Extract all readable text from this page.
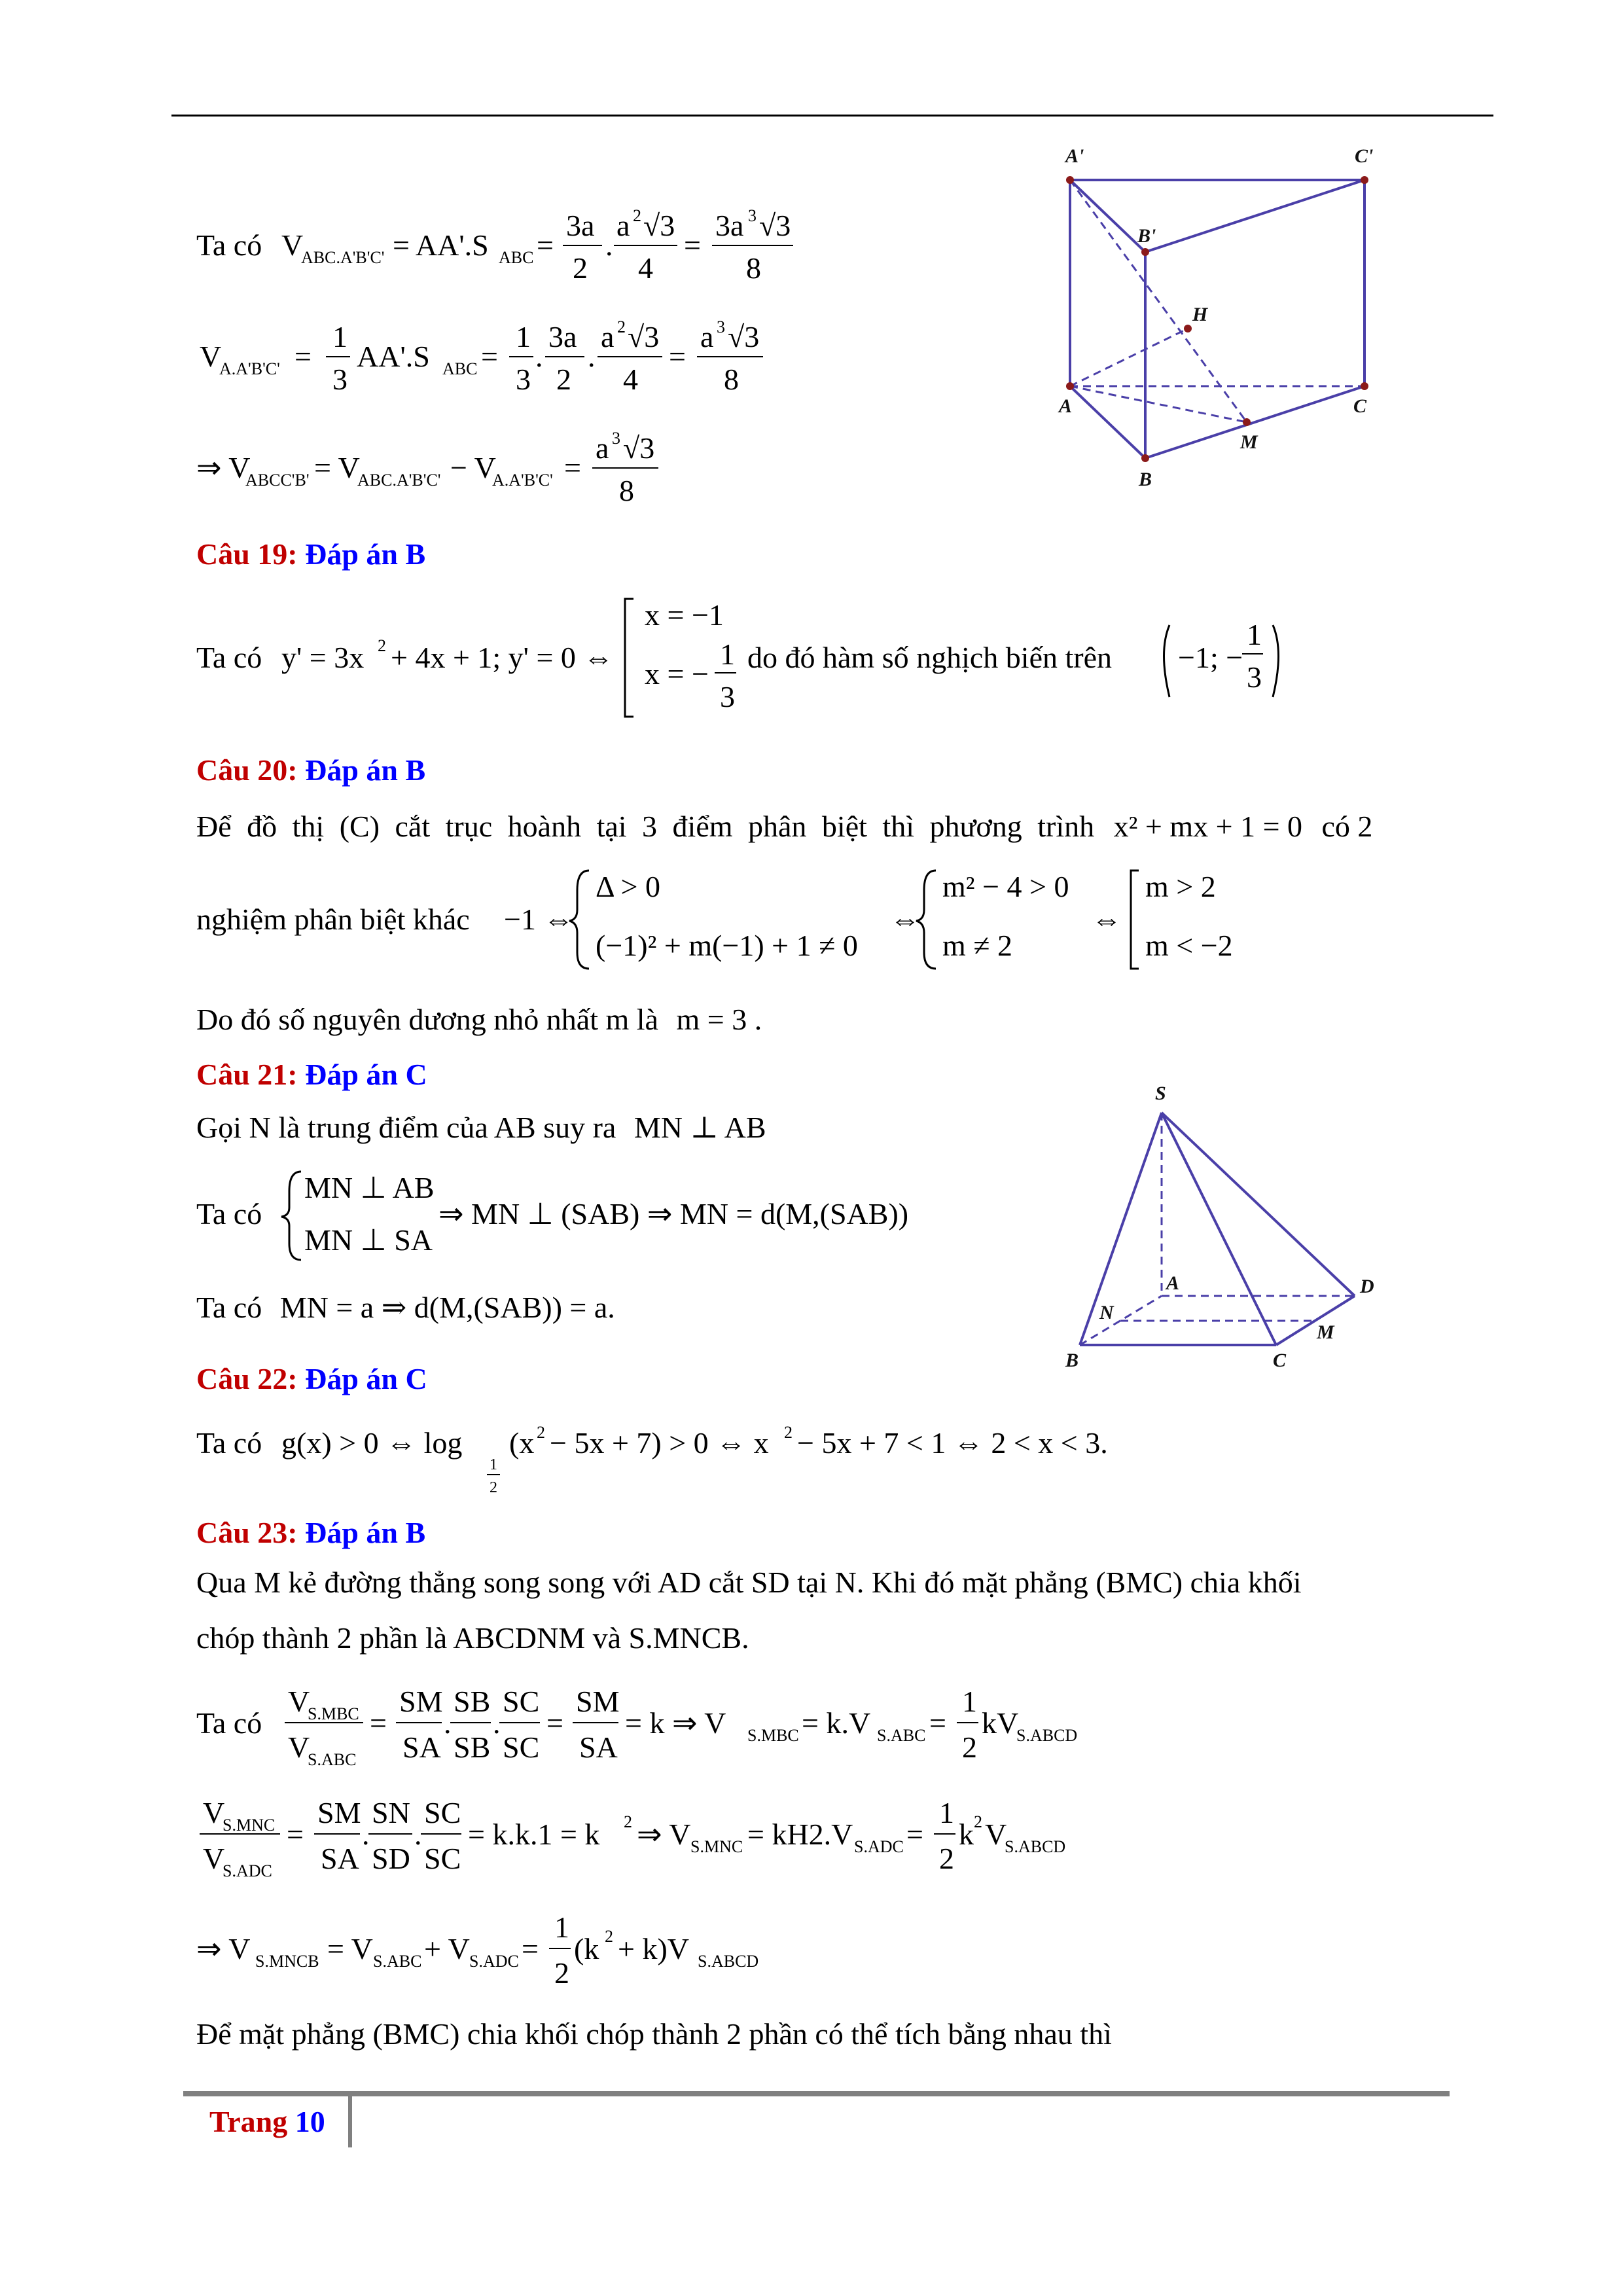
Ta có V
ABC.A'B'C' = AA'.S ABC =
3a
2
.
a 2 √3
4
=
3a 3 √3
8
V
A.A'B'C' =
1
3
AA'.S ABC =
1
3
.
3a
2
.
a 2 √3
4
=
a 3 √3
8
⇒ V
ABCC'B' = V
ABC.A'B'C' − V
A.A'B'C' =
a 3 √3
8
A'	C'
B'
H
A	C
M
B
Câu 19: Đáp án B
Ta có y' = 3x 2 + 4x + 1; y' = 0 ⇔
x = −1
x = −
1
3
do đó hàm số nghịch biến trên −1; −
1
3
Câu 20: Đáp án B
Để đồ thị (C) cắt trục hoành tại 3 điểm phân biệt thì phương trình x² + mx + 1 = 0 có 2
nghiệm phân biệt khác −1 ⇔
Δ > 0
(−1)² + m(−1) + 1 ≠ 0
⇔
m² − 4 > 0
m ≠ 2
⇔
m > 2
m < −2
Do đó số nguyên dương nhỏ nhất m là m = 3 .
Câu 21: Đáp án C
Gọi N là trung điểm của AB suy ra MN ⊥ AB
Ta có
MN ⊥ AB
MN ⊥ SA
⇒ MN ⊥ (SAB) ⇒ MN = d(M,(SAB))
Ta có MN = a ⇒ d(M,(SAB)) = a.
S
A	D
N
M
B	C
Câu 22: Đáp án C
Ta có g(x) > 0 ⇔ log
1
2
(x 2 − 5x + 7) > 0 ⇔ x 2 − 5x + 7 < 1 ⇔ 2 < x < 3.
Câu 23: Đáp án B
Qua M kẻ đường thẳng song song với AD cắt SD tại N. Khi đó mặt phẳng (BMC) chia khối
chóp thành 2 phần là ABCDNM và S.MNCB.
Ta có
V
S.MBC
V
S.ABC
=
SM
SA
.
SB
SB
.
SC
SC
=
SM
SA
= k ⇒ V S.MBC = k.V S.ABC =
1
2
kV
S.ABCD
V
S.MNC
V
S.ADC
=
SM
SA
.
SN
SD
.
SC
SC
= k.k.1 = k 2 ⇒ V S.MNC = kH2.V S.ADC =
1
2
k 2 V
S.ABCD
⇒ V S.MNCB = V S.ABC + V S.ADC =
1
2
(k 2 + k)V S.ABCD
Để mặt phẳng (BMC) chia khối chóp thành 2 phần có thể tích bằng nhau thì
Trang 10
